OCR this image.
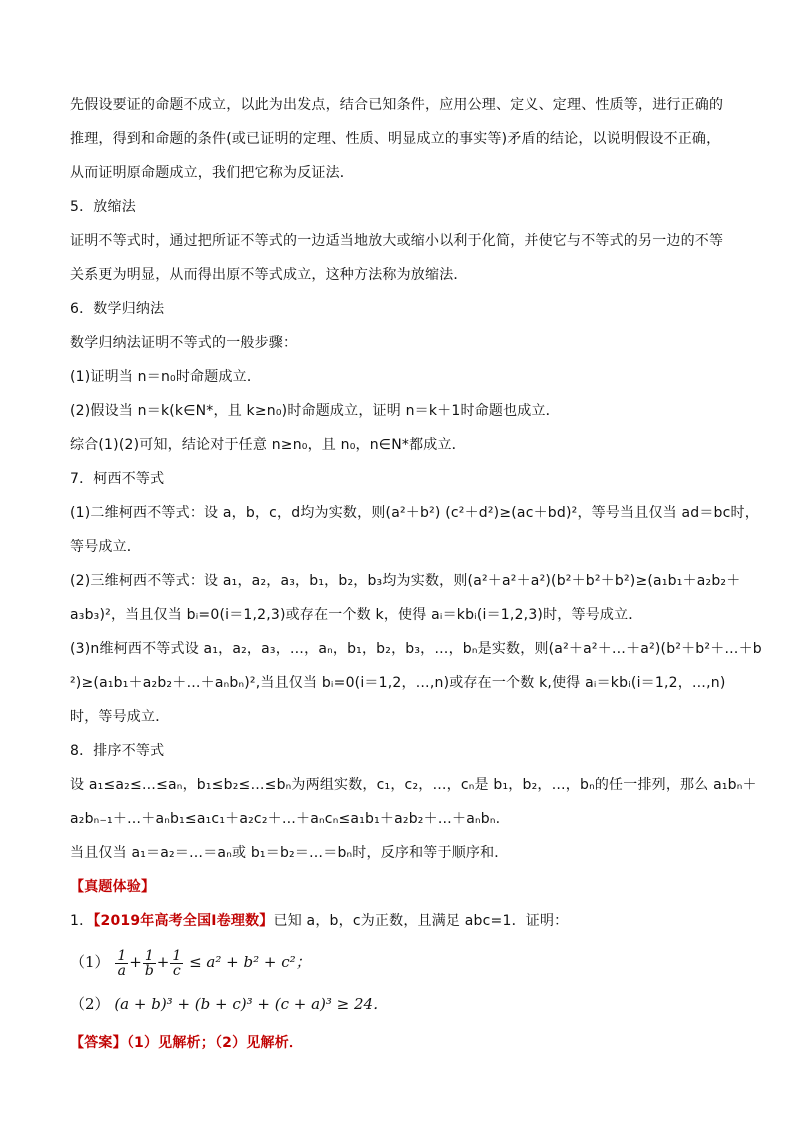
先假设要证的命题不成立，以此为出发点，结合已知条件，应用公理、定义、定理、性质等，进行正确的

推理，得到和命题的条件(或已证明的定理、性质、明显成立的事实等)矛盾的结论，以说明假设不正确，

从而证明原命题成立，我们把它称为反证法．

5．放缩法

证明不等式时，通过把所证不等式的一边适当地放大或缩小以利于化简，并使它与不等式的另一边的不等

关系更为明显，从而得出原不等式成立，这种方法称为放缩法．

6．数学归纳法

数学归纳法证明不等式的一般步骤：

(1)证明当 n＝n₀时命题成立．

(2)假设当 n＝k(k∈N*，且 k≥n₀)时命题成立，证明 n＝k＋1时命题也成立．

综合(1)(2)可知，结论对于任意 n≥n₀，且 n₀，n∈N*都成立．

7．柯西不等式

(1)二维柯西不等式：设 a，b，c，d均为实数，则(a²＋b²) (c²＋d²)≥(ac＋bd)²，等号当且仅当 ad＝bc时，

等号成立．

(2)三维柯西不等式：设 a₁，a₂，a₃，b₁，b₂，b₃均为实数，则(a²＋a²＋a²)(b²＋b²＋b²)≥(a₁b₁＋a₂b₂＋

a₃b₃)²，当且仅当 bᵢ=0(i＝1,2,3)或存在一个数 k，使得 aᵢ＝kbᵢ(i＝1,2,3)时，等号成立．

(3)n维柯西不等式设 a₁，a₂，a₃，…，aₙ，b₁，b₂，b₃，…，bₙ是实数，则(a²＋a²＋…＋a²)(b²＋b²＋…＋b

²)≥(a₁b₁＋a₂b₂＋…＋aₙbₙ)²,当且仅当 bᵢ=0(i＝1,2，…,n)或存在一个数 k,使得 aᵢ＝kbᵢ(i＝1,2，…,n)

时，等号成立．

8．排序不等式

设 a₁≤a₂≤…≤aₙ，b₁≤b₂≤…≤bₙ为两组实数，c₁，c₂，…，cₙ是 b₁，b₂，…，bₙ的任一排列，那么 a₁bₙ＋

a₂bₙ₋₁＋…＋aₙb₁≤a₁c₁＋a₂c₂＋…＋aₙcₙ≤a₁b₁＋a₂b₂＋…＋aₙbₙ.

当且仅当 a₁＝a₂＝…＝aₙ或 b₁＝b₂＝…＝bₙ时，反序和等于顺序和．

【真题体验】

1．【2019年高考全国Ⅰ卷理数】已知 a，b，c为正数，且满足 abc=1．证明：

$(1) \frac{1}{a} + \frac{1}{b} + \frac{1}{c} \le a^2 + b^2 + c^2$；
（2） (a + b)³ + (b + c)³ + (c + a)³ ≥ 24．

【答案】（1）见解析；（2）见解析．
